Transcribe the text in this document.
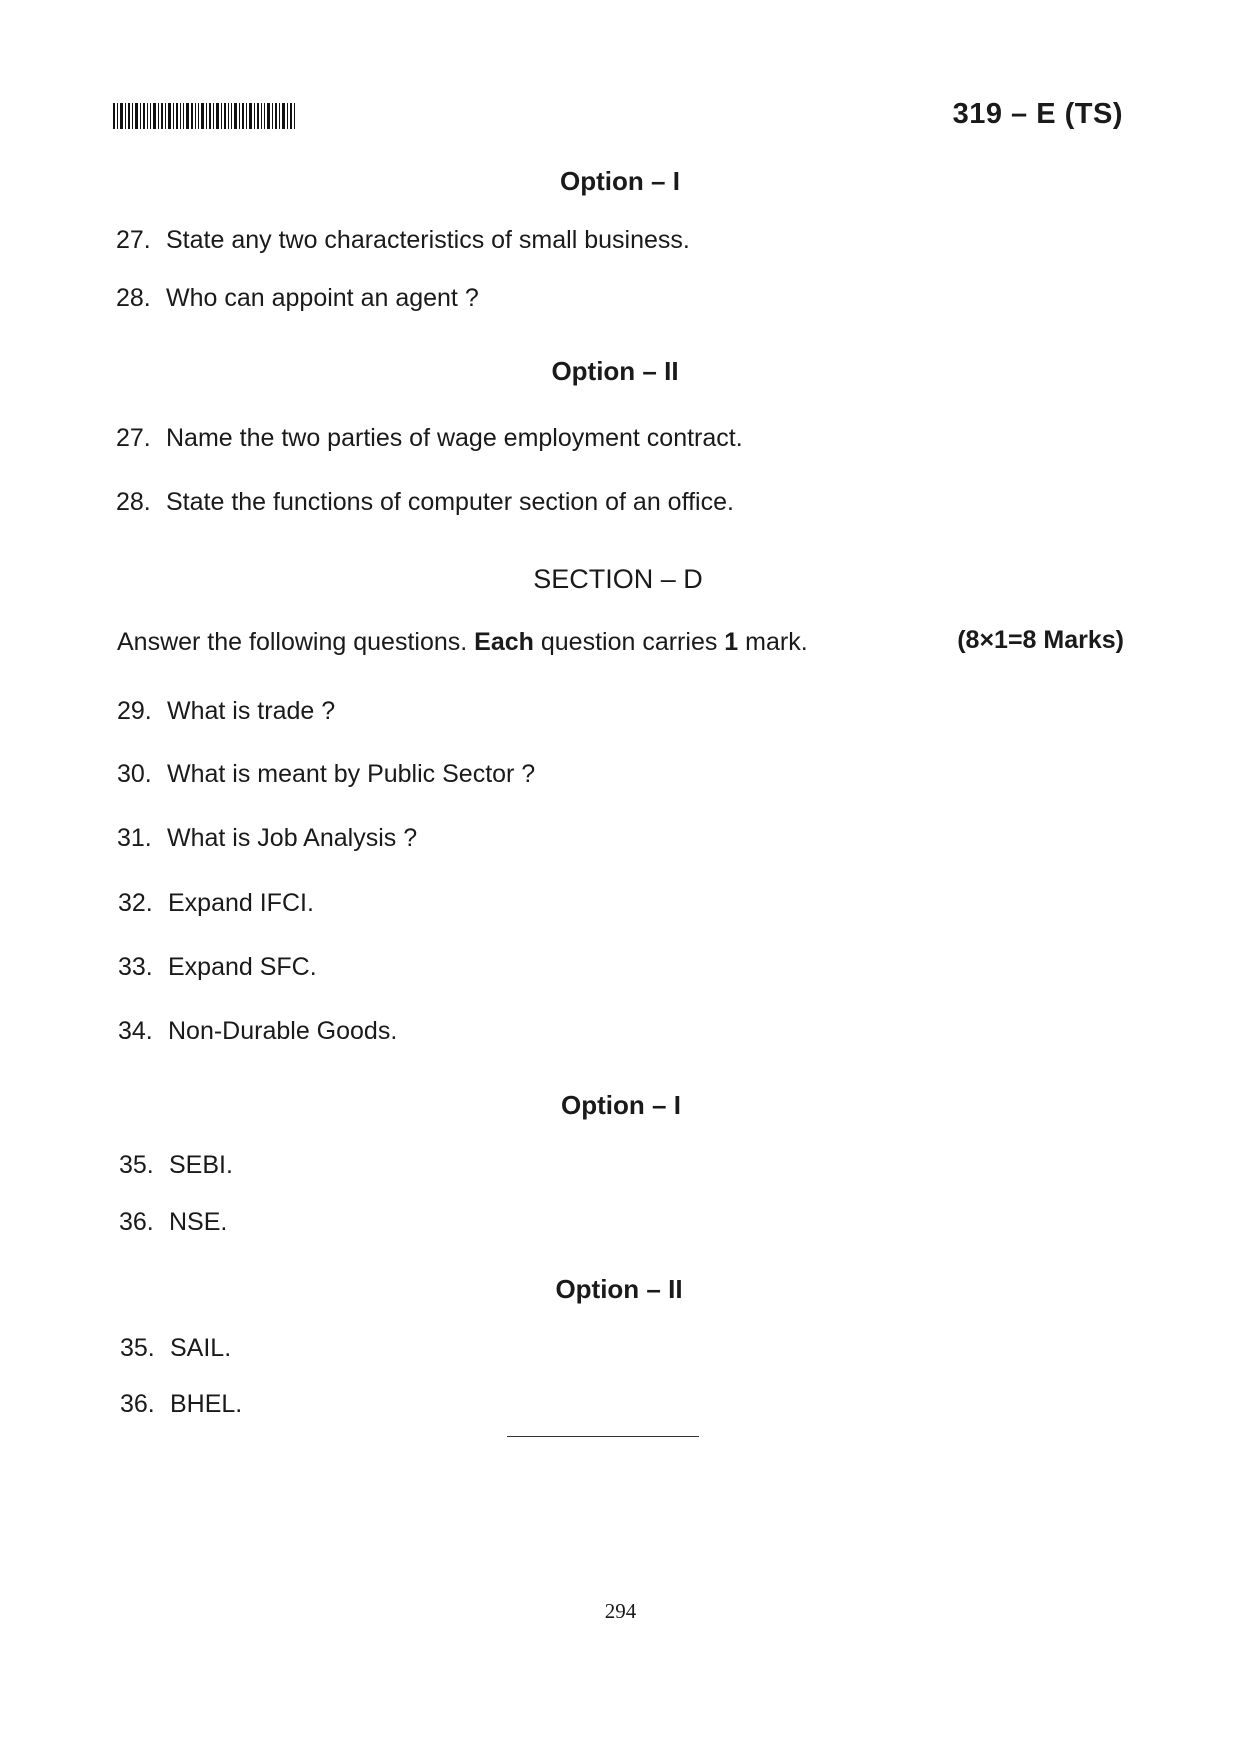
319 – E (TS)
Option – I
27. State any two characteristics of small business.
28. Who can appoint an agent ?
Option – II
27. Name the two parties of wage employment contract.
28. State the functions of computer section of an office.
SECTION – D
Answer the following questions. Each question carries 1 mark.	(8×1=8 Marks)
29. What is trade ?
30. What is meant by Public Sector ?
31. What is Job Analysis ?
32. Expand IFCI.
33. Expand SFC.
34. Non-Durable Goods.
Option – I
35. SEBI.
36. NSE.
Option – II
35. SAIL.
36. BHEL.
294
